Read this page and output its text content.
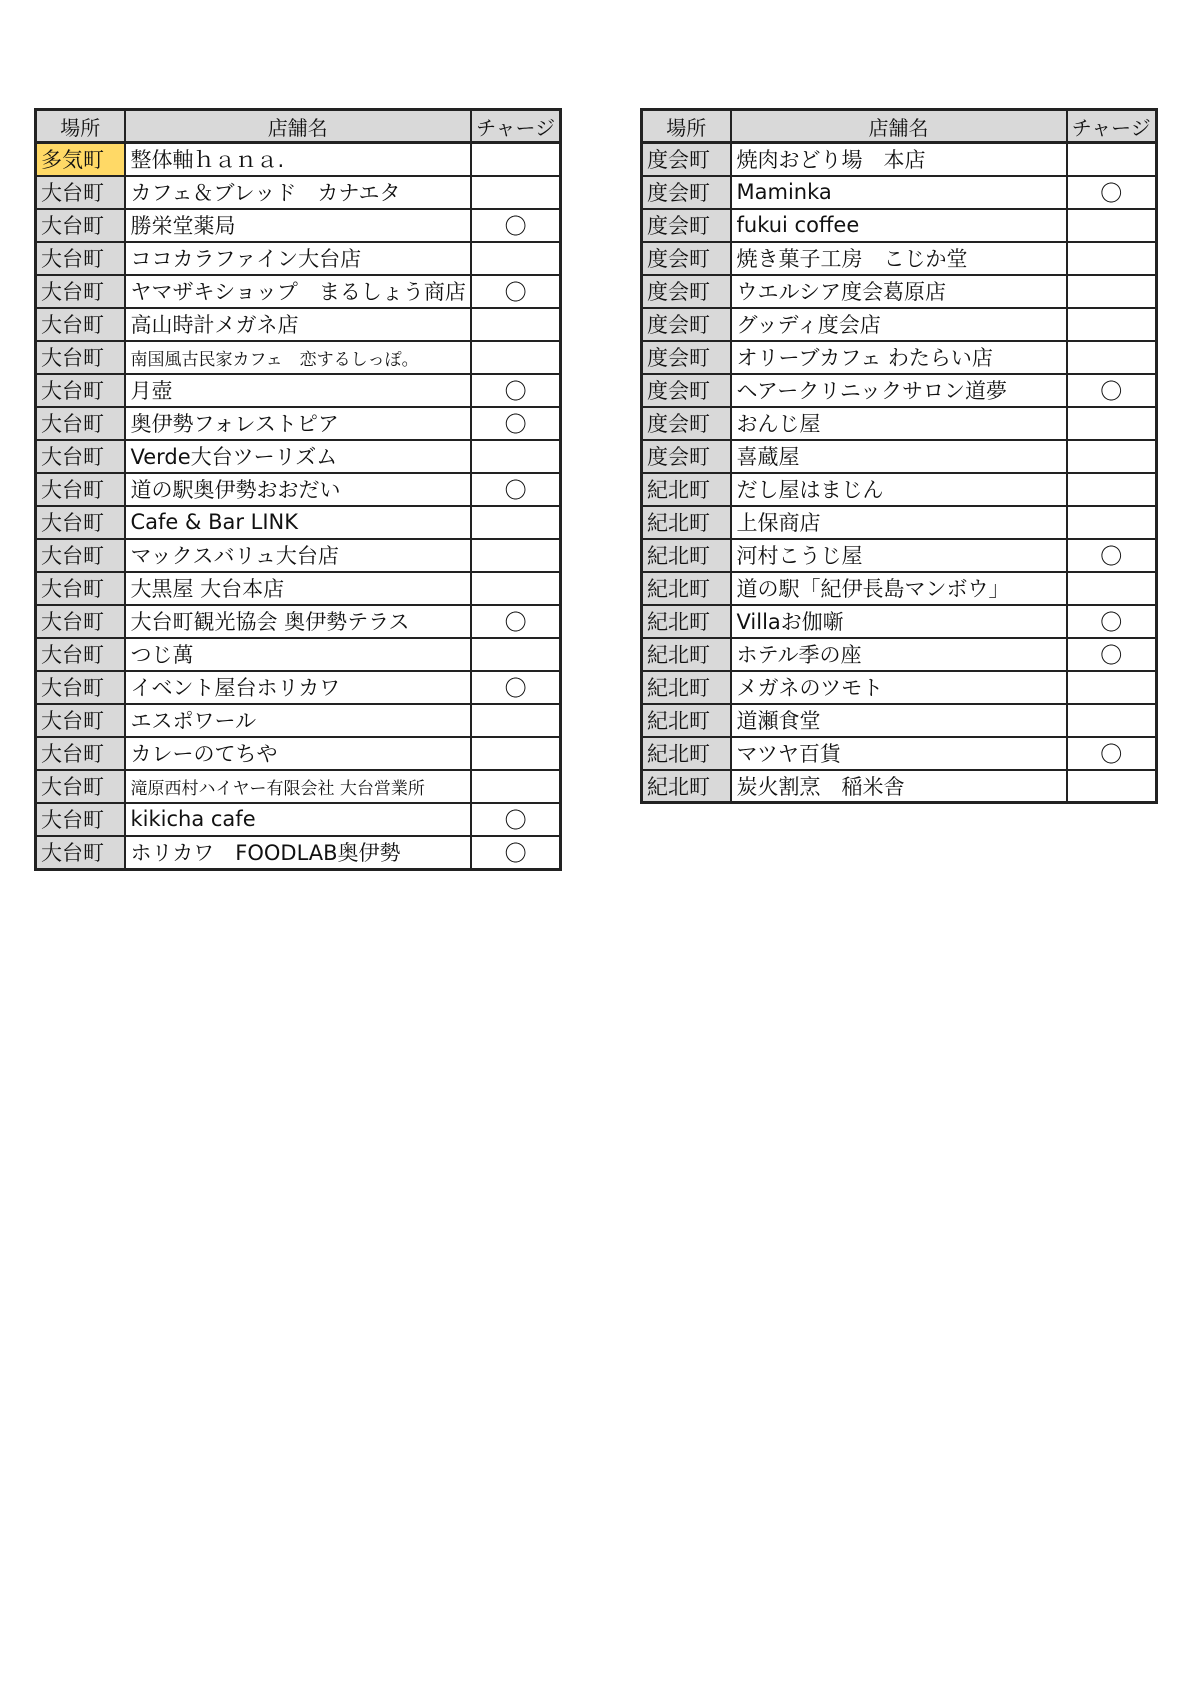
場所	店舗名	チャージ
多気町	整体軸ｈａｎａ.	
大台町	カフェ＆ブレッド　カナエタ	
大台町	勝栄堂薬局	〇
大台町	ココカラファイン大台店	
大台町	ヤマザキショップ　まるしょう商店	〇
大台町	高山時計メガネ店	
大台町	南国風古民家カフェ　恋するしっぽ。	
大台町	月壺	〇
大台町	奥伊勢フォレストピア	〇
大台町	Verde大台ツーリズム	
大台町	道の駅奥伊勢おおだい	〇
大台町	Cafe & Bar LINK	
大台町	マックスバリュ大台店	
大台町	大黒屋 大台本店	
大台町	大台町観光協会 奥伊勢テラス	〇
大台町	つじ萬	
大台町	イベント屋台ホリカワ	〇
大台町	エスポワール	
大台町	カレーのてちや	
大台町	滝原西村ハイヤー有限会社 大台営業所	
大台町	kikicha cafe	〇
大台町	ホリカワ　FOODLAB奥伊勢	〇
場所	店舗名	チャージ
度会町	焼肉おどり場　本店	
度会町	Maminka	〇
度会町	fukui coffee	
度会町	焼き菓子工房　こじか堂	
度会町	ウエルシア度会葛原店	
度会町	グッディ度会店	
度会町	オリーブカフェ わたらい店	
度会町	ヘアークリニックサロン道夢	〇
度会町	おんじ屋	
度会町	喜蔵屋	
紀北町	だし屋はまじん	
紀北町	上保商店	
紀北町	河村こうじ屋	〇
紀北町	道の駅「紀伊長島マンボウ」	
紀北町	Villaお伽噺	〇
紀北町	ホテル季の座	〇
紀北町	メガネのツモト	
紀北町	道瀬食堂	
紀北町	マツヤ百貨	〇
紀北町	炭火割烹　稲米舎	
